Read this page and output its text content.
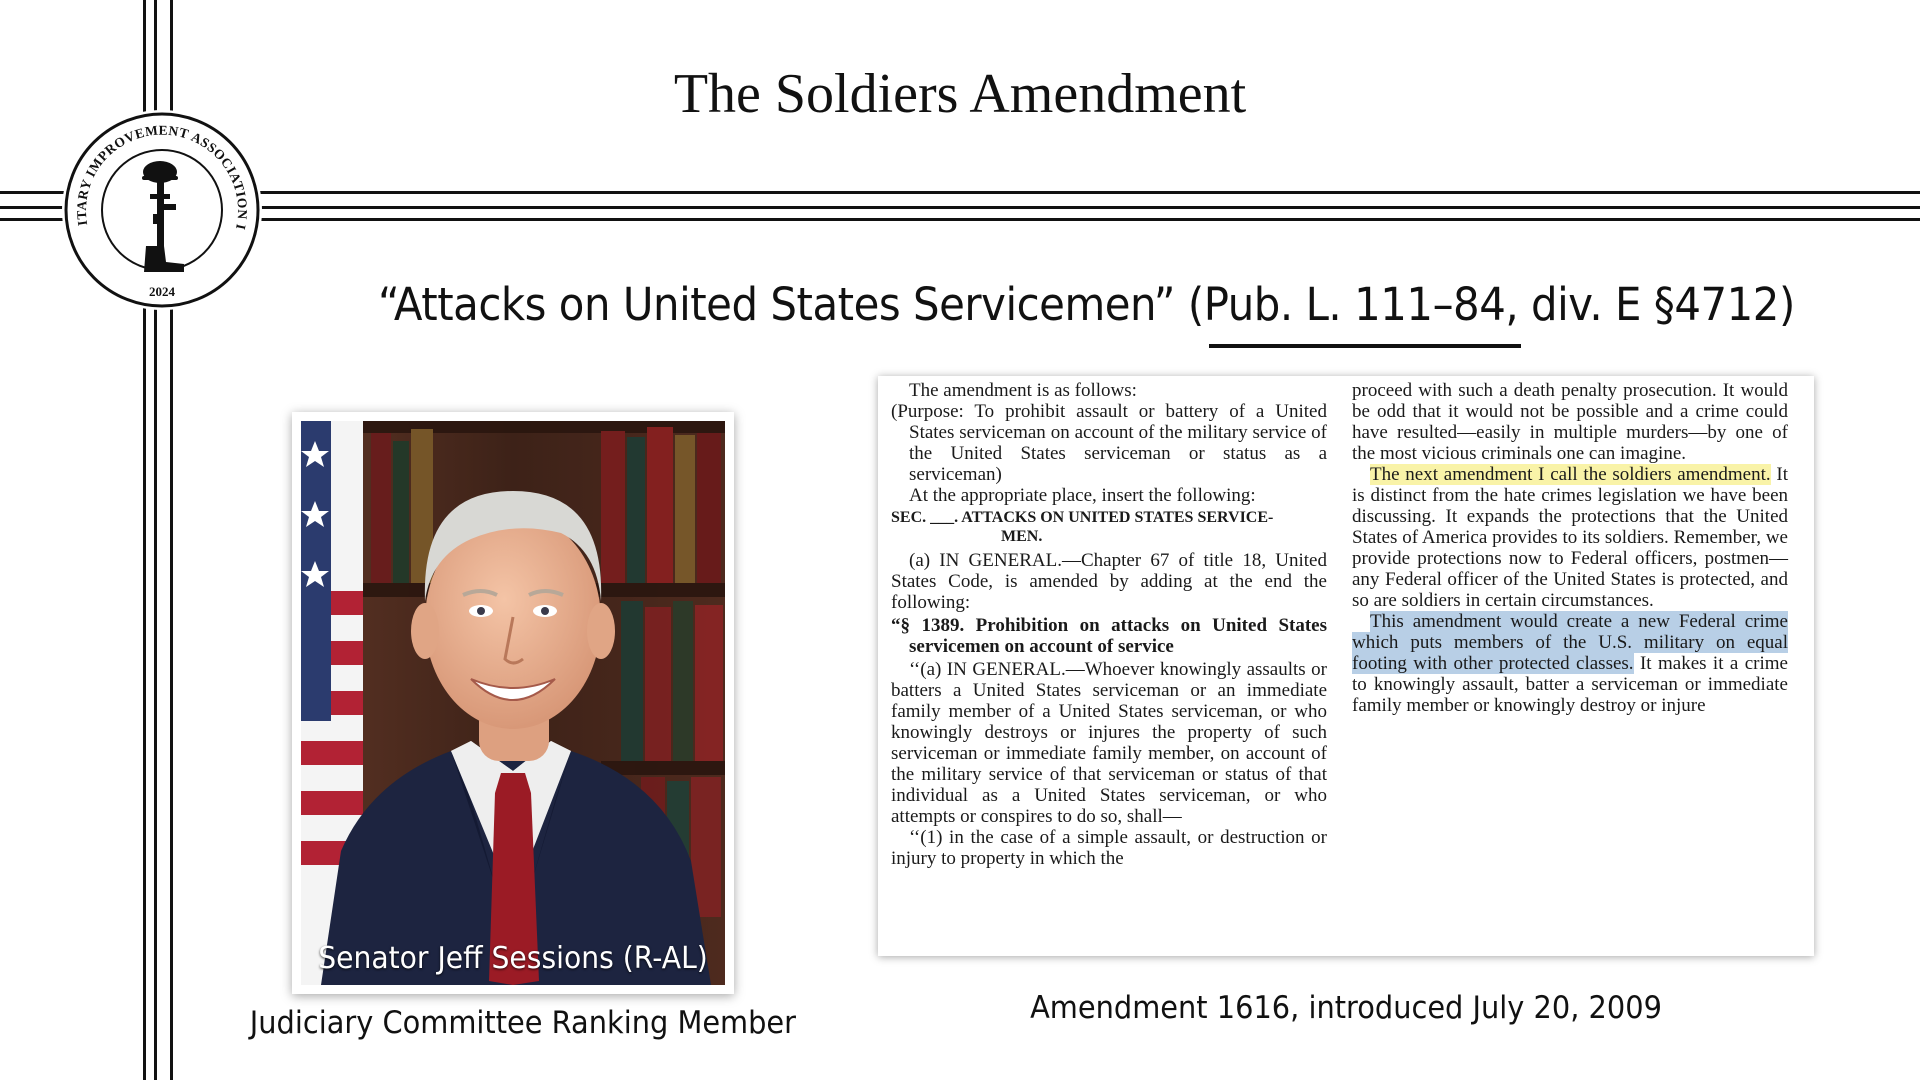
ITARY IMPROVEMENT ASSOCIATION I
2024
The Soldiers Amendment
“Attacks on United States Servicemen” (Pub. L. 111–84, div. E §4712)
Senator Jeff Sessions (R-AL)
Judiciary Committee Ranking Member

The amendment is as follows:

(Purpose: To prohibit assault or battery of a United States serviceman on account of the military service of the United States serviceman or status as a serviceman)

At the appropriate place, insert the following:

SEC. ___. ATTACKS ON UNITED STATES SERVICE-

MEN.

(a) IN GENERAL.—Chapter 67 of title 18, United States Code, is amended by adding at the end the following:

“§ 1389. Prohibition on attacks on United States servicemen on account of service

‘‘(a) IN GENERAL.—Whoever knowingly assaults or batters a United States serviceman or an immediate family member of a United States serviceman, or who knowingly destroys or injures the property of such serviceman or immediate family member, on account of the military service of that serviceman or status of that individual as a United States serviceman, or who attempts or conspires to do so, shall—

‘‘(1) in the case of a simple assault, or destruction or injury to property in which the

proceed with such a death penalty prosecution. It would be odd that it would not be possible and a crime could have resulted—easily in multiple murders—by one of the most vicious criminals one can imagine.

The next amendment I call the soldiers amendment. It is distinct from the hate crimes legislation we have been discussing. It expands the protections that the United States of America provides to its soldiers. Remember, we provide protections now to Federal officers, postmen—any Federal officer of the United States is protected, and so are soldiers in certain circumstances.

This amendment would create a new Federal crime which puts members of the U.S. military on equal footing with other protected classes. It makes it a crime to knowingly assault, batter a serviceman or immediate family member or knowingly destroy or injure

Amendment 1616, introduced July 20, 2009
